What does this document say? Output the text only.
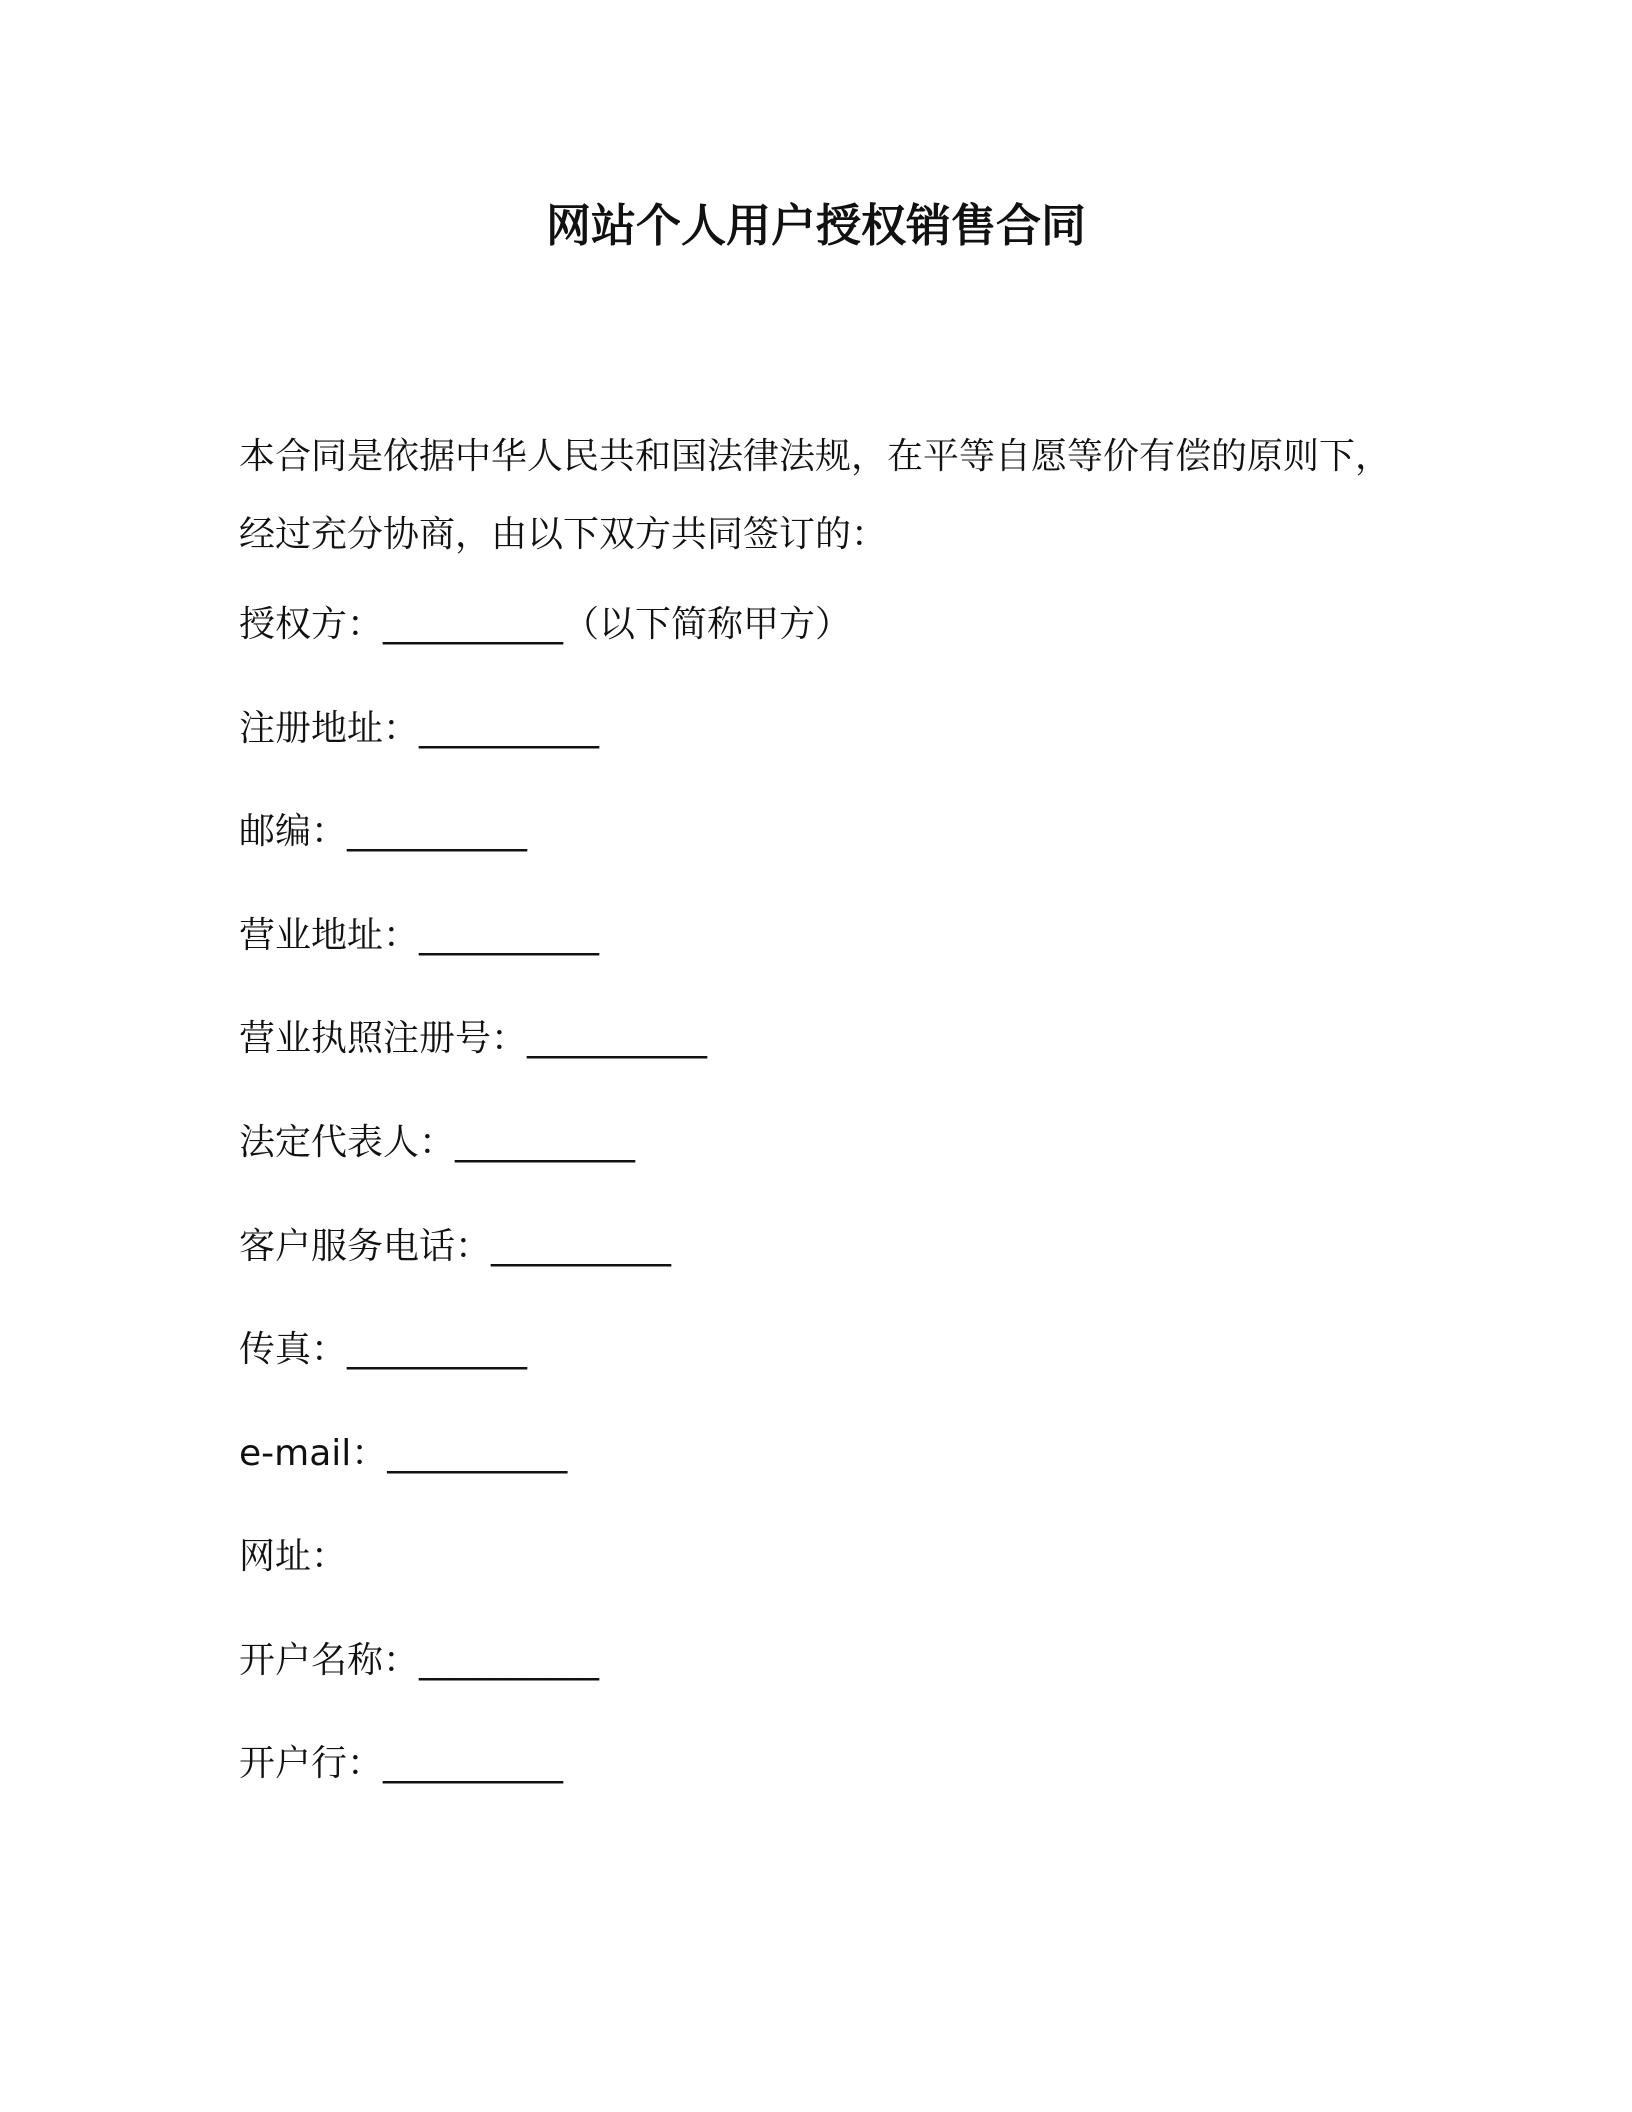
网站个人用户授权销售合同

本合同是依据中华人民共和国法律法规，在平等自愿等价有偿的原则下，经过充分协商，由以下双方共同签订的：

授权方：__________（以下简称甲方）

注册地址：__________

邮编：__________

营业地址：__________

营业执照注册号：__________

法定代表人：__________

客户服务电话：__________

传真：__________

e-mail：__________

网址：

开户名称：__________

开户行：__________
